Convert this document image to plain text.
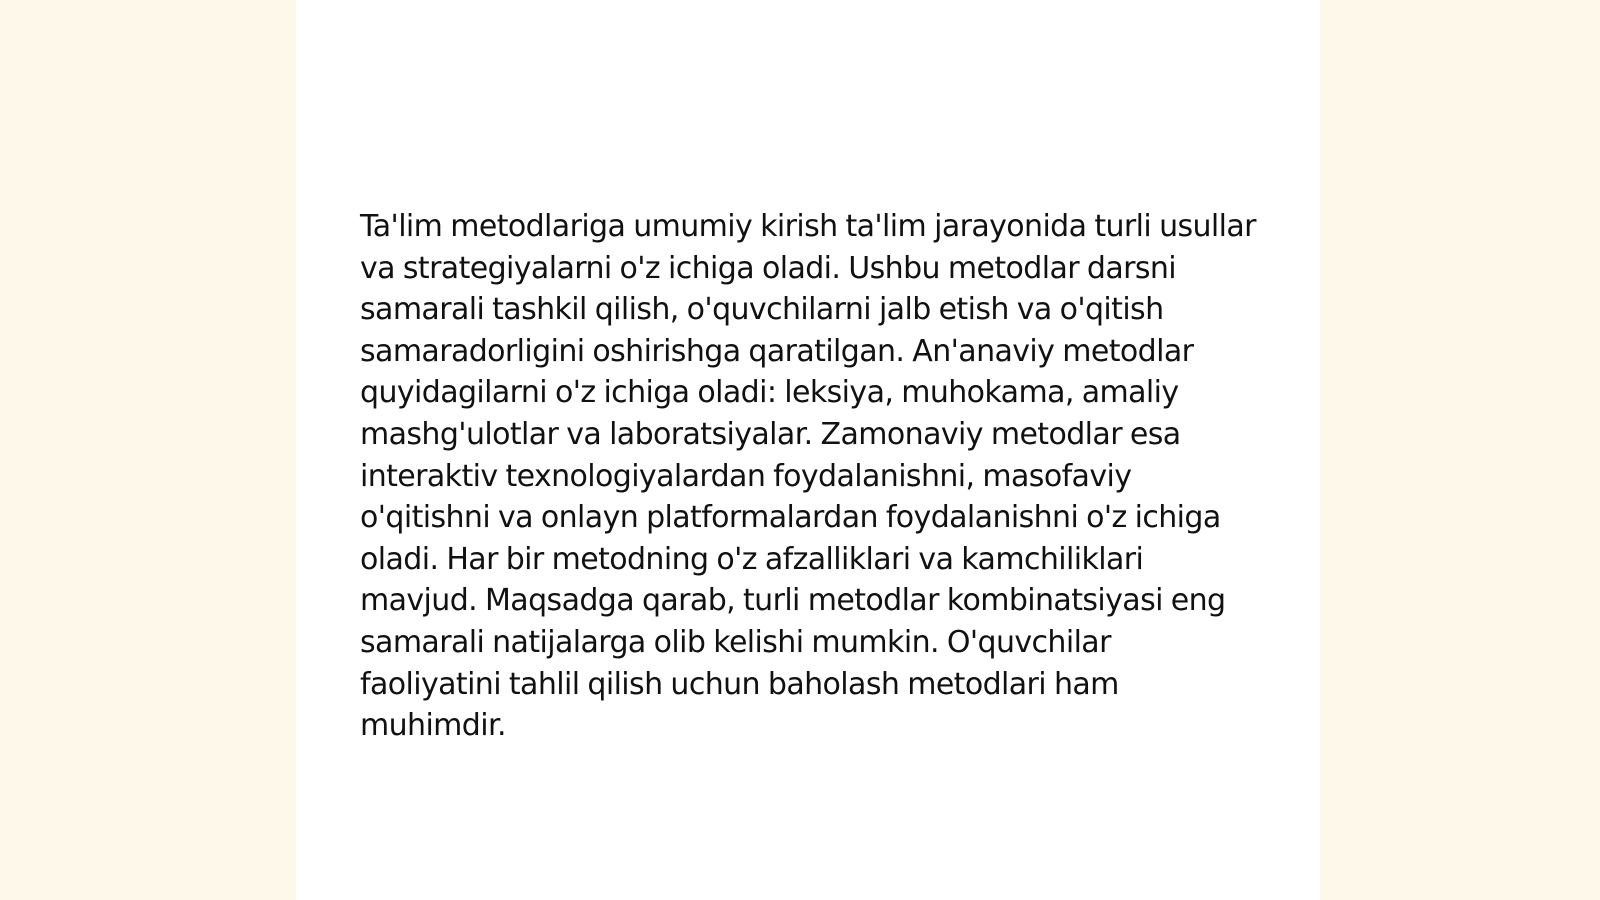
Ta'lim metodlariga umumiy kirish ta'lim jarayonida turli usullar va strategiyalarni o'z ichiga oladi. Ushbu metodlar darsni samarali tashkil qilish, o'quvchilarni jalb etish va o'qitish samaradorligini oshirishga qaratilgan. An'anaviy metodlar quyidagilarni o'z ichiga oladi: leksiya, muhokama, amaliy mashg'ulotlar va laboratsiyalar. Zamonaviy metodlar esa interaktiv texnologiyalardan foydalanishni, masofaviy o'qitishni va onlayn platformalardan foydalanishni o'z ichiga oladi. Har bir metodning o'z afzalliklari va kamchiliklari mavjud. Maqsadga qarab, turli metodlar kombinatsiyasi eng samarali natijalarga olib kelishi mumkin. O'quvchilar faoliyatini tahlil qilish uchun baholash metodlari ham muhimdir.
